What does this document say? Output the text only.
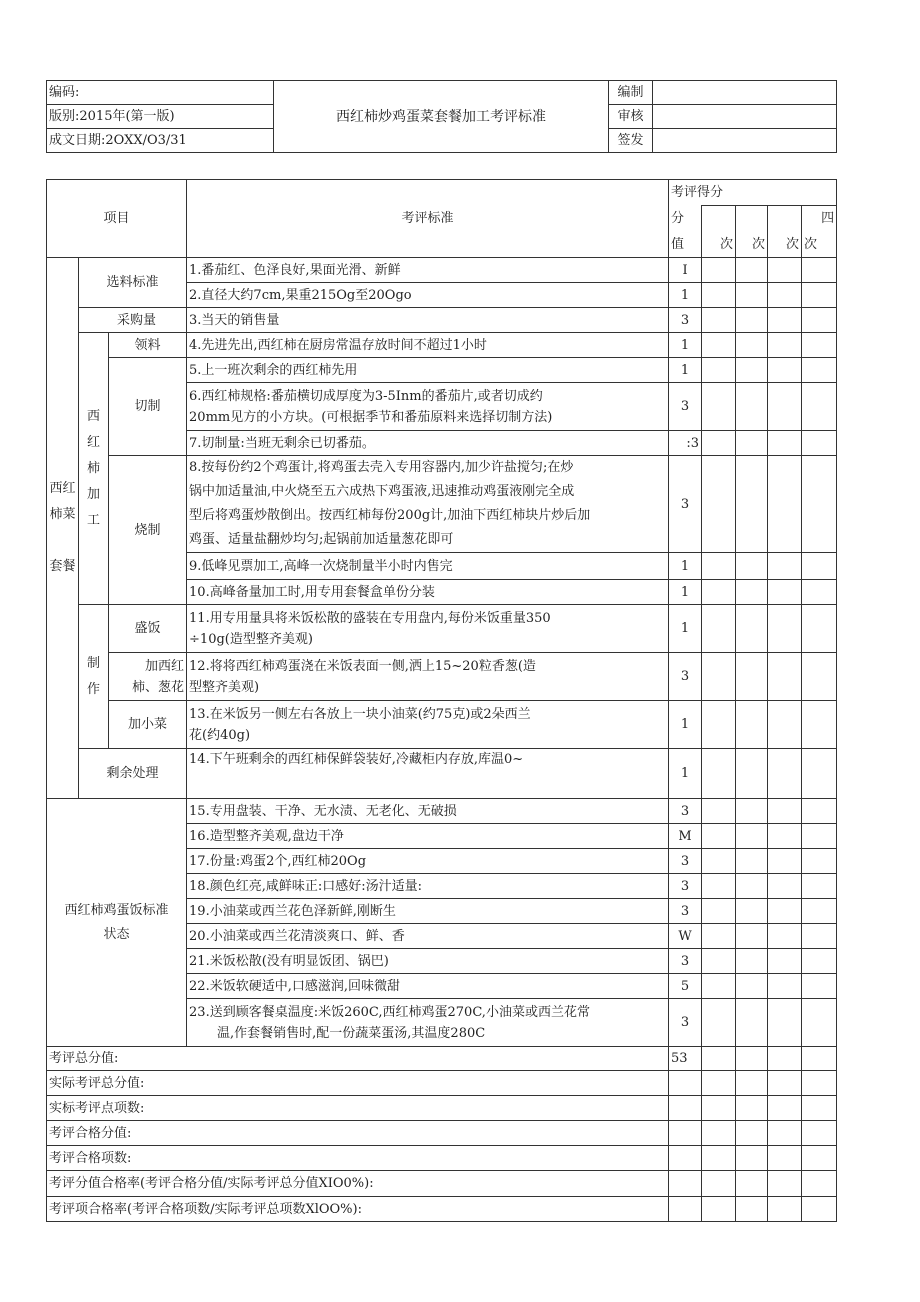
编码:	西红柿炒鸡蛋菜套餐加工考评标准	编制	
版别:2015年(第一版)		审核	
成文日期:2OXX/O3/31		签发	
项目			考评标准	考评得分				
				分				四
				值	次	次	次	次
西红
柿菜

套餐	选料标准		1.番茄红、色泽良好,果面光滑、新鲜	I				
			2.直径大约7cm,果重215Og至20Ogo	1				
	采购量		3.当天的销售量	3				
	西
红
柿
加
工	领料	4.先进先出,西红柿在厨房常温存放时间不超过1小时	1				
		切制	5.上一班次剩余的西红柿先用	1				
			6.西红柿规格:番茄横切成厚度为3-5Inm的番茄片,或者切成约
20mm见方的小方块。(可根据季节和番茄原料来选择切制方法)	3				
			7.切制量:当班无剩余已切番茄。	:3				
		烧制	8.按每份约2个鸡蛋计,将鸡蛋去壳入专用容器内,加少许盐搅匀;在炒
锅中加适量油,中火烧至五六成热下鸡蛋液,迅速推动鸡蛋液刚完全成
型后将鸡蛋炒散倒出。按西红柿每份200g计,加油下西红柿块片炒后加
鸡蛋、适量盐翻炒均匀;起锅前加适量葱花即可	3				
			9.低峰见票加工,高峰一次烧制量半小时内售完	1				
			10.高峰备量加工时,用专用套餐盒单份分装	1				
	制
作	盛饭	11.用专用量具将米饭松散的盛装在专用盘内,每份米饭重量350
÷10g(造型整齐美观)	1				
		加西红
柿、葱花	12.将将西红柿鸡蛋浇在米饭表面一侧,洒上15~20粒香葱(造
型整齐美观)	3				
		加小菜	13.在米饭另一侧左右各放上一块小油菜(约75克)或2朵西兰
花(约40g)	1				
	剩余处理		14.下午班剩余的西红柿保鲜袋装好,冷藏柜内存放,库温0~	1				
西红柿鸡蛋饭标准
状态			15.专用盘装、干净、无水渍、无老化、无破损	3				
			16.造型整齐美观,盘边干净	M				
			17.份量:鸡蛋2个,西红柿20Og	3				
			18.颜色红亮,咸鲜味正:口感好:汤汁适量:	3				
			19.小油菜或西兰花色泽新鲜,刚断生	3				
			20.小油菜或西兰花清淡爽口、鲜、香	W				
			21.米饭松散(没有明显饭团、锅巴)	3				
			22.米饭软硬适中,口感滋润,回味微甜	5				
			23.送到顾客餐桌温度:米饭260C,西红柿鸡蛋270C,小油菜或西兰花常
温,作套餐销售时,配一份蔬菜蛋汤,其温度280C	3				
考评总分值:				53				
实际考评总分值:								
实标考评点项数:								
考评合格分值:								
考评合格项数:								
考评分值合格率(考评合格分值/实际考评总分值XIO0%):								
考评项合格率(考评合格项数/实际考评总项数XlOO%):								
